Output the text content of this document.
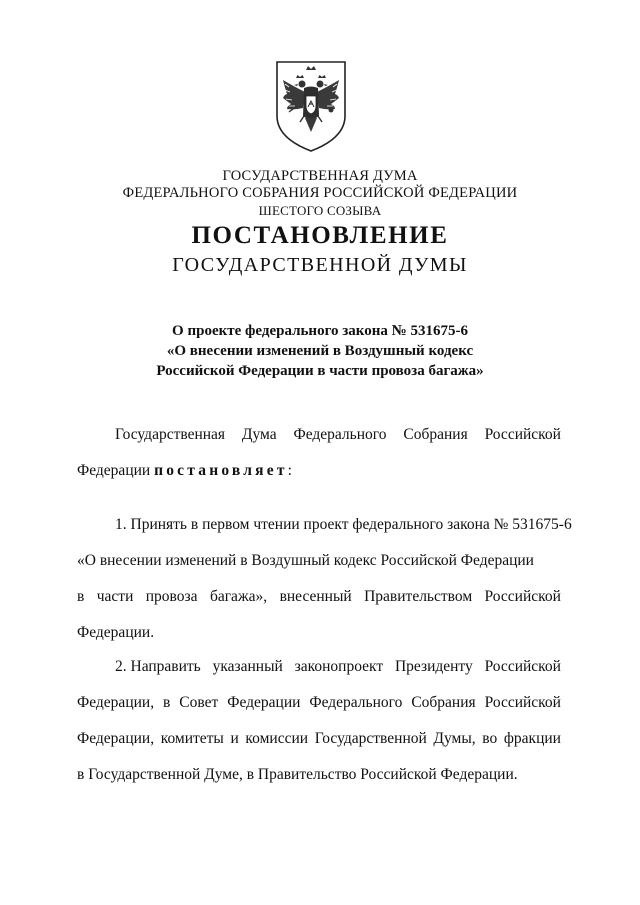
ГОСУДАРСТВЕННАЯ ДУМА
ФЕДЕРАЛЬНОГО СОБРАНИЯ РОССИЙСКОЙ ФЕДЕРАЦИИ
ШЕСТОГО СОЗЫВА
ПОСТАНОВЛЕНИЕ
ГОСУДАРСТВЕННОЙ ДУМЫ
О проекте федерального закона № 531675-6
«О внесении изменений в Воздушный кодекс
Российской Федерации в части провоза багажа»
Государственная Дума Федерального Собрания Российской
Федерации постановляет :
1. Принять в первом чтении проект федерального закона № 531675-6
«О внесении изменений в Воздушный кодекс Российской Федерации
в части провоза багажа», внесенный Правительством Российской
Федерации.
2. Направить указанный законопроект Президенту Российской
Федерации, в Совет Федерации Федерального Собрания Российской
Федерации, комитеты и комиссии Государственной Думы, во фракции
в Государственной Думе, в Правительство Российской Федерации.
